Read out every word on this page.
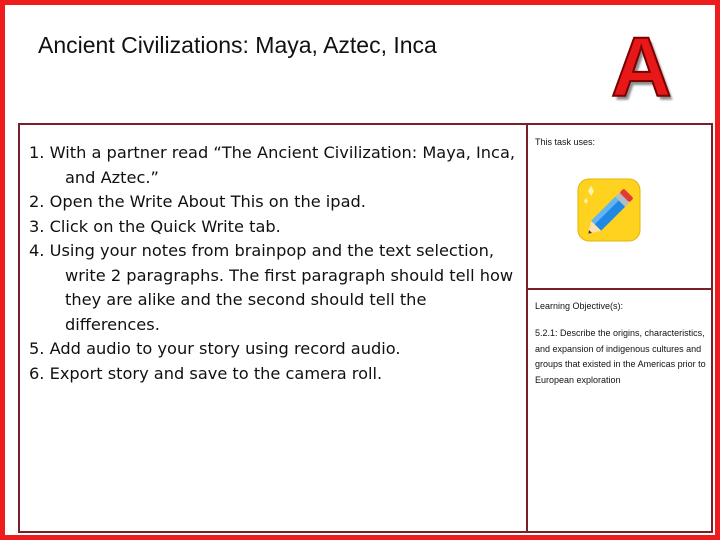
Ancient Civilizations: Maya, Aztec, Inca A
1. With a partner read “The Ancient Civilization: Maya, Inca, and Aztec.”
2. Open the Write About This on the ipad.
3. Click on the Quick Write tab.
4. Using your notes from brainpop and the text selection, write 2 paragraphs. The first paragraph should tell how they are alike and the second should tell the differences.
5. Add audio to your story using record audio.
6. Export story and save to the camera roll.
This task uses:
Learning Objective(s):
5.2.1: Describe the origins, characteristics, and expansion of indigenous cultures and groups that existed in the Americas prior to European exploration
